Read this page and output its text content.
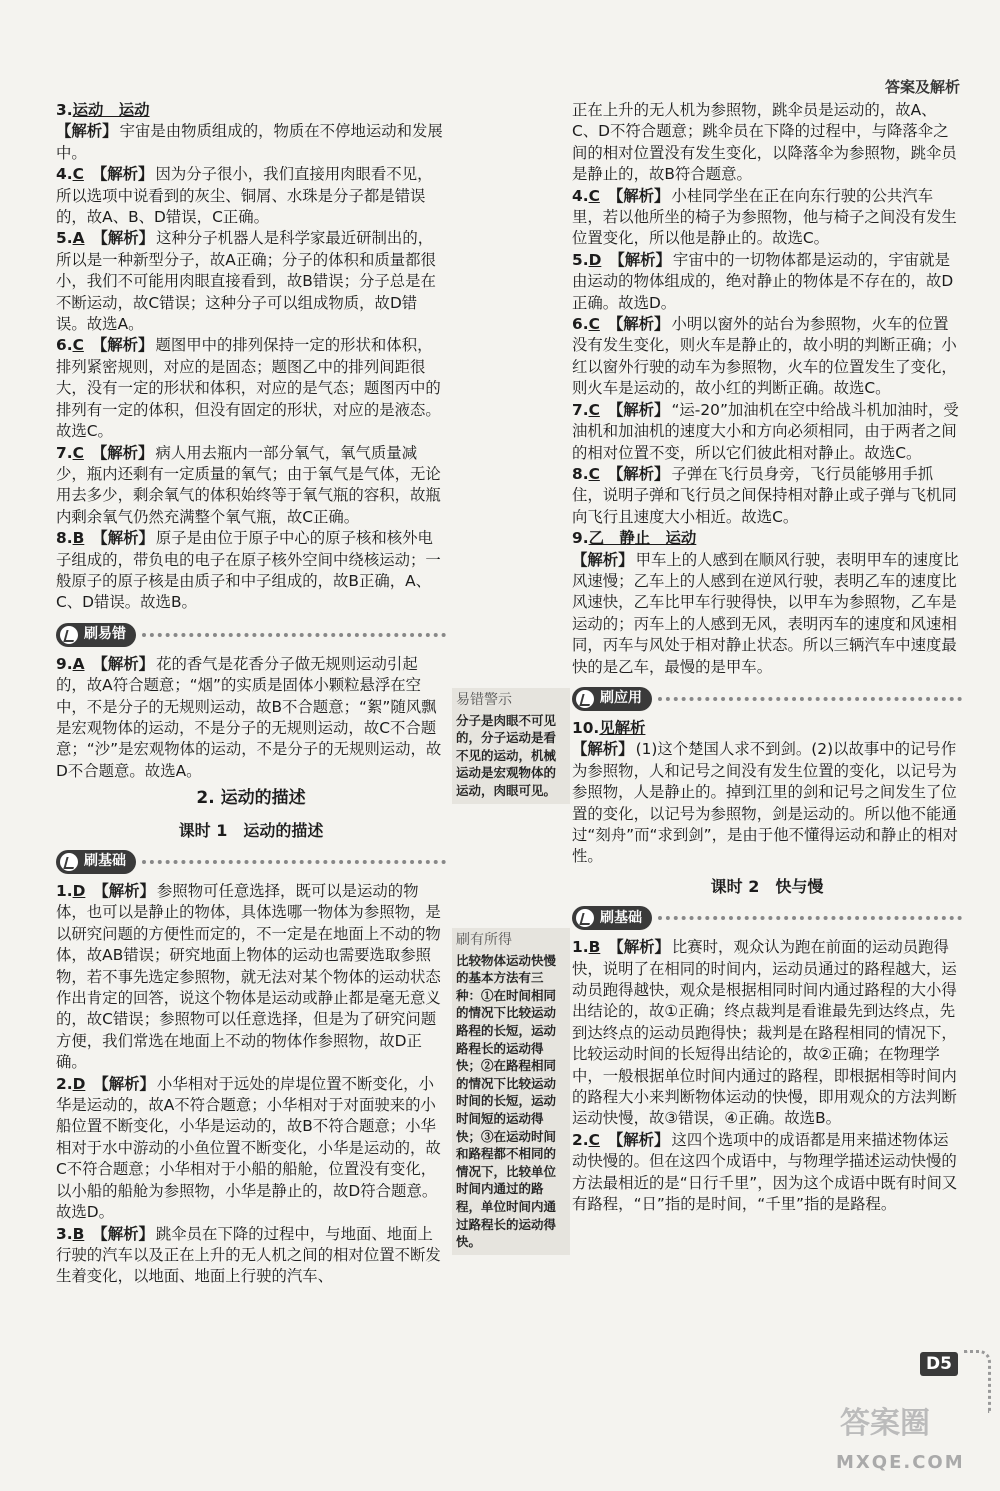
答案及解析
3.运动　运动
【解析】 宇宙是由物质组成的，物质在不停地运动和发展中。
4.C 【解析】 因为分子很小，我们直接用肉眼看不见，所以选项中说看到的灰尘、铜屑、水珠是分子都是错误的，故A、B、D错误，C正确。
5.A 【解析】 这种分子机器人是科学家最近研制出的，所以是一种新型分子，故A正确；分子的体积和质量都很小，我们不可能用肉眼直接看到，故B错误；分子总是在不断运动，故C错误；这种分子可以组成物质，故D错误。故选A。
6.C 【解析】 题图甲中的排列保持一定的形状和体积，排列紧密规则，对应的是固态；题图乙中的排列间距很大，没有一定的形状和体积，对应的是气态；题图丙中的排列有一定的体积，但没有固定的形状，对应的是液态。故选C。
7.C 【解析】 病人用去瓶内一部分氧气，氧气质量减少，瓶内还剩有一定质量的氧气；由于氧气是气体，无论用去多少，剩余氧气的体积始终等于氧气瓶的容积，故瓶内剩余氧气仍然充满整个氧气瓶，故C正确。
8.B 【解析】 原子是由位于原子中心的原子核和核外电子组成的，带负电的电子在原子核外空间中绕核运动；一般原子的原子核是由质子和中子组成的，故B正确，A、C、D错误。故选B。
刷易错
9.A 【解析】 花的香气是花香分子做无规则运动引起的，故A符合题意；“烟”的实质是固体小颗粒悬浮在空中，不是分子的无规则运动，故B不合题意；“絮”随风飘是宏观物体的运动，不是分子的无规则运动，故C不合题意；“沙”是宏观物体的运动，不是分子的无规则运动，故D不合题意。故选A。
2. 运动的描述
课时 1　运动的描述
刷基础
1.D 【解析】 参照物可任意选择，既可以是运动的物体，也可以是静止的物体，具体选哪一物体为参照物，是以研究问题的方便性而定的，不一定是在地面上不动的物体，故AB错误；研究地面上物体的运动也需要选取参照物，若不事先选定参照物，就无法对某个物体的运动状态作出肯定的回答，说这个物体是运动或静止都是毫无意义的，故C错误；参照物可以任意选择，但是为了研究问题方便，我们常选在地面上不动的物体作参照物，故D正确。
2.D 【解析】 小华相对于远处的岸堤位置不断变化，小华是运动的，故A不符合题意；小华相对于对面驶来的小船位置不断变化，小华是运动的，故B不符合题意；小华相对于水中游动的小鱼位置不断变化，小华是运动的，故C不符合题意；小华相对于小船的船舱，位置没有变化，以小船的船舱为参照物，小华是静止的，故D符合题意。故选D。
3.B 【解析】 跳伞员在下降的过程中，与地面、地面上行驶的汽车以及正在上升的无人机之间的相对位置不断发生着变化，以地面、地面上行驶的汽车、
易错警示
分子是肉眼不可见的，分子运动是看不见的运动，机械运动是宏观物体的运动，肉眼可见。
刷有所得
比较物体运动快慢的基本方法有三种：①在时间相同的情况下比较运动路程的长短，运动路程长的运动得快；②在路程相同的情况下比较运动时间的长短，运动时间短的运动得快；③在运动时间和路程都不相同的情况下，比较单位时间内通过的路程，单位时间内通过路程长的运动得快。
正在上升的无人机为参照物，跳伞员是运动的，故A、C、D不符合题意；跳伞员在下降的过程中，与降落伞之间的相对位置没有发生变化，以降落伞为参照物，跳伞员是静止的，故B符合题意。
4.C 【解析】 小桂同学坐在正在向东行驶的公共汽车里，若以他所坐的椅子为参照物，他与椅子之间没有发生位置变化，所以他是静止的。故选C。
5.D 【解析】 宇宙中的一切物体都是运动的，宇宙就是由运动的物体组成的，绝对静止的物体是不存在的，故D正确。故选D。
6.C 【解析】 小明以窗外的站台为参照物，火车的位置没有发生变化，则火车是静止的，故小明的判断正确；小红以窗外行驶的动车为参照物，火车的位置发生了变化，则火车是运动的，故小红的判断正确。故选C。
7.C 【解析】 “运-20”加油机在空中给战斗机加油时，受油机和加油机的速度大小和方向必须相同，由于两者之间的相对位置不变，所以它们彼此相对静止。故选C。
8.C 【解析】 子弹在飞行员身旁，飞行员能够用手抓住，说明子弹和飞行员之间保持相对静止或子弹与飞机同向飞行且速度大小相近。故选C。
9.乙　静止　运动
【解析】 甲车上的人感到在顺风行驶，表明甲车的速度比风速慢；乙车上的人感到在逆风行驶，表明乙车的速度比风速快，乙车比甲车行驶得快，以甲车为参照物，乙车是运动的；丙车上的人感到无风，表明丙车的速度和风速相同，丙车与风处于相对静止状态。所以三辆汽车中速度最快的是乙车，最慢的是甲车。
刷应用
10.见解析
【解析】 (1)这个楚国人求不到剑。(2)以故事中的记号作为参照物，人和记号之间没有发生位置的变化，以记号为参照物，人是静止的。掉到江里的剑和记号之间发生了位置的变化，以记号为参照物，剑是运动的。所以他不能通过“刻舟”而“求到剑”，是由于他不懂得运动和静止的相对性。
课时 2　快与慢
刷基础
1.B 【解析】 比赛时，观众认为跑在前面的运动员跑得快，说明了在相同的时间内，运动员通过的路程越大，运动员跑得越快，观众是根据相同时间内通过路程的大小得出结论的，故①正确；终点裁判是看谁最先到达终点，先到达终点的运动员跑得快；裁判是在路程相同的情况下，比较运动时间的长短得出结论的，故②正确；在物理学中，一般根据单位时间内通过的路程，即根据相等时间内的路程大小来判断物体运动的快慢，即用观众的方法判断运动快慢，故③错误，④正确。故选B。
2.C 【解析】 这四个选项中的成语都是用来描述物体运动快慢的。但在这四个成语中，与物理学描述运动快慢的方法最相近的是“日行千里”，因为这个成语中既有时间又有路程，“日”指的是时间，“千里”指的是路程。
D5
答案圈
MXQE.COM
